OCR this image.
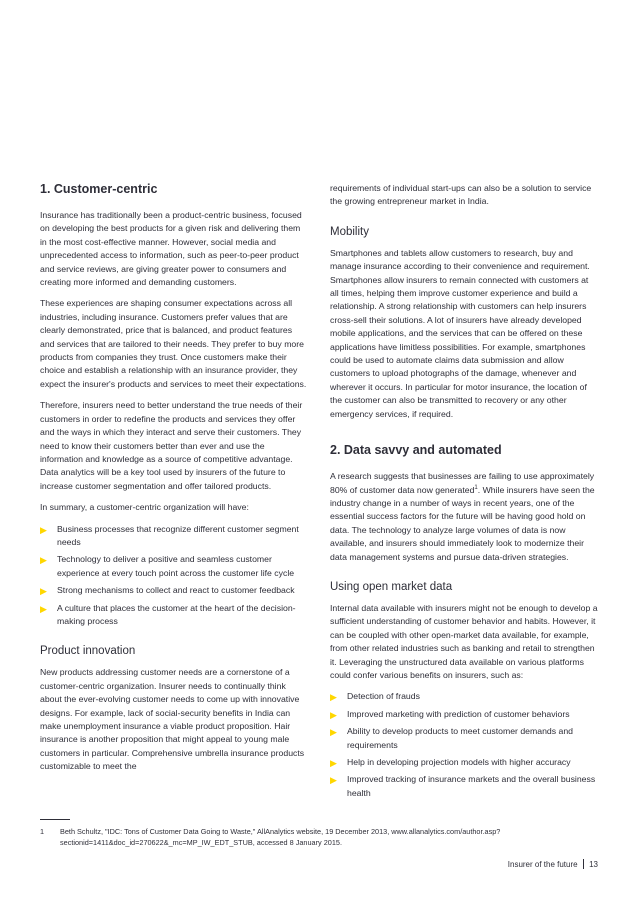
1. Customer-centric

Insurance has traditionally been a product-centric business, focused on developing the best products for a given risk and delivering them in the most cost-effective manner. However, social media and unprecedented access to information, such as peer-to-peer product and service reviews, are giving greater power to consumers and creating more informed and demanding customers.

These experiences are shaping consumer expectations across all industries, including insurance. Customers prefer values that are clearly demonstrated, price that is balanced, and product features and services that are tailored to their needs. They prefer to buy more products from companies they trust. Once customers make their choice and establish a relationship with an insurance provider, they expect the insurer's products and services to meet their expectations.

Therefore, insurers need to better understand the true needs of their customers in order to redefine the products and services they offer and the ways in which they interact and serve their customers. They need to know their customers better than ever and use the information and knowledge as a source of competitive advantage. Data analytics will be a key tool used by insurers of the future to increase customer segmentation and offer tailored products.

In summary, a customer-centric organization will have:

▶ Business processes that recognize different customer segment needs
▶ Technology to deliver a positive and seamless customer experience at every touch point across the customer life cycle
▶ Strong mechanisms to collect and react to customer feedback
▶ A culture that places the customer at the heart of the decision-making process
Product innovation

New products addressing customer needs are a cornerstone of a customer-centric organization. Insurer needs to continually think about the ever-evolving customer needs to come up with innovative designs. For example, lack of social-security benefits in India can make unemployment insurance a viable product proposition. Hair insurance is another proposition that might appeal to young male customers in particular. Comprehensive umbrella insurance products customizable to meet the

requirements of individual start-ups can also be a solution to service the growing entrepreneur market in India.

Mobility

Smartphones and tablets allow customers to research, buy and manage insurance according to their convenience and requirement. Smartphones allow insurers to remain connected with customers at all times, helping them improve customer experience and build a relationship. A strong relationship with customers can help insurers cross-sell their solutions. A lot of insurers have already developed mobile applications, and the services that can be offered on these applications have limitless possibilities. For example, smartphones could be used to automate claims data submission and allow customers to upload photographs of the damage, whenever and wherever it occurs. In particular for motor insurance, the location of the customer can also be transmitted to recovery or any other emergency services, if required.

2. Data savvy and automated

A research suggests that businesses are failing to use approximately 80% of customer data now generated$^1$. While insurers have seen the industry change in a number of ways in recent years, one of the essential success factors for the future will be having good hold on data. The technology to analyze large volumes of data is now available, and insurers should immediately look to modernize their data management systems and pursue data-driven strategies.

Using open market data

Internal data available with insurers might not be enough to develop a sufficient understanding of customer behavior and habits. However, it can be coupled with other open-market data available, for example, from other related industries such as banking and retail to strengthen it. Leveraging the unstructured data available on various platforms could confer various benefits on insurers, such as:

▶ Detection of frauds
▶ Improved marketing with prediction of customer behaviors
▶ Ability to develop products to meet customer demands and requirements
▶ Help in developing projection models with higher accuracy
▶ Improved tracking of insurance markets and the overall business health
1 Beth Schultz, "IDC: Tons of Customer Data Going to Waste," AllAnalytics website, 19 December 2013, www.allanalytics.com/author.asp?sectionid=1411&doc_id=270622&_mc=MP_IW_EDT_STUB, accessed 8 January 2015.
Insurer of the future 13
